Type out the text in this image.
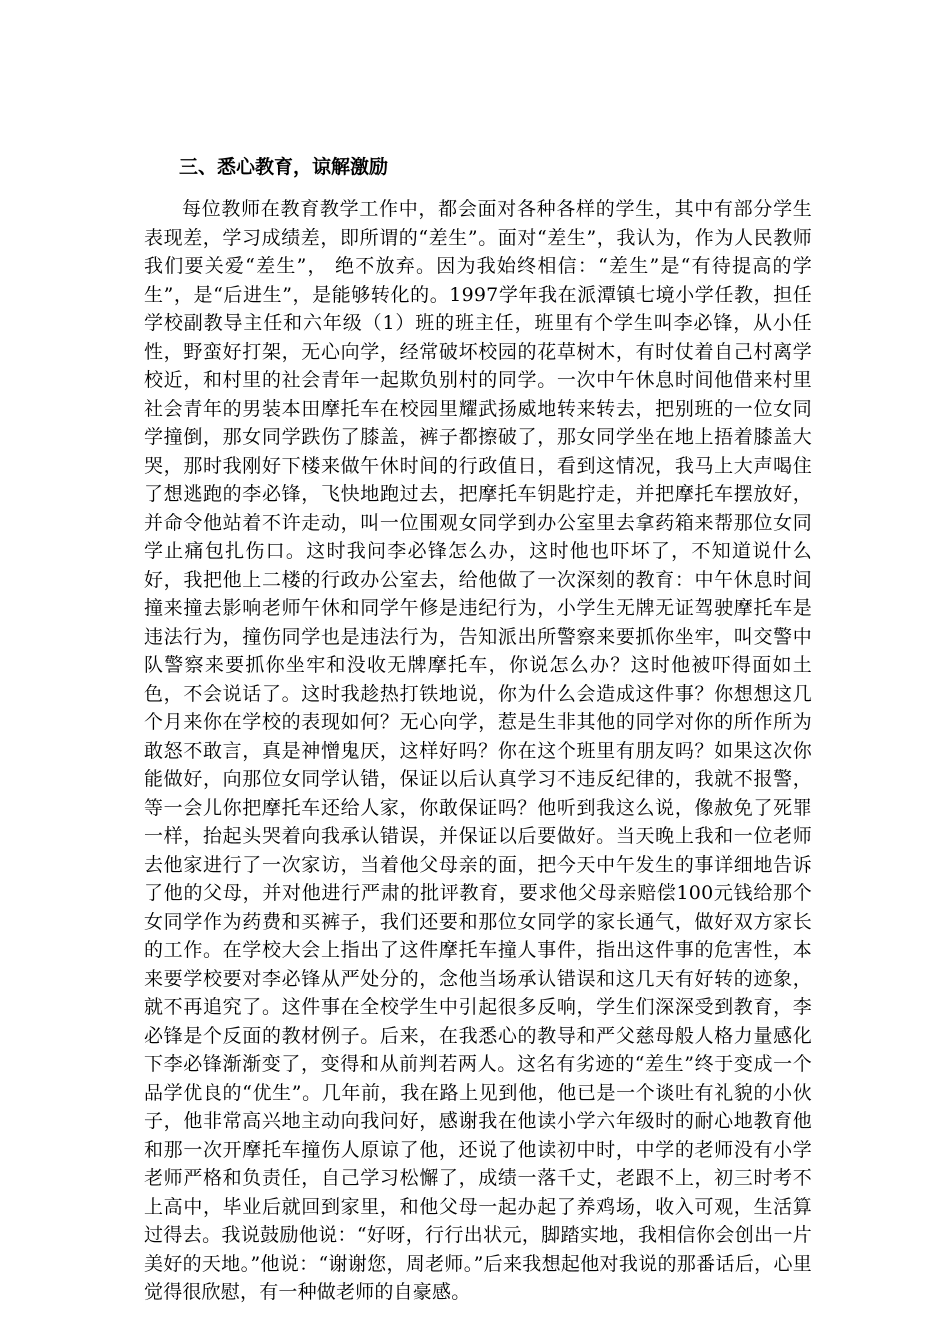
三、悉心教育，谅解激励

每位教师在教育教学工作中，都会面对各种各样的学生，其中有部分学生表现差，学习成绩差，即所谓的“差生”。面对“差生”，我认为，作为人民教师我们要关爱“差生”， 绝不放弃。因为我始终相信：“差生”是“有待提高的学生”，是“后进生”，是能够转化的。1997学年我在派潭镇七境小学任教，担任学校副教导主任和六年级（1）班的班主任，班里有个学生叫李必锋，从小任性，野蛮好打架，无心向学，经常破坏校园的花草树木，有时仗着自己村离学校近，和村里的社会青年一起欺负别村的同学。一次中午休息时间他借来村里社会青年的男装本田摩托车在校园里耀武扬威地转来转去，把别班的一位女同学撞倒，那女同学跌伤了膝盖，裤子都擦破了，那女同学坐在地上捂着膝盖大哭，那时我刚好下楼来做午休时间的行政值日，看到这情况，我马上大声喝住了想逃跑的李必锋，飞快地跑过去，把摩托车钥匙拧走，并把摩托车摆放好，并命令他站着不许走动，叫一位围观女同学到办公室里去拿药箱来帮那位女同学止痛包扎伤口。这时我问李必锋怎么办，这时他也吓坏了，不知道说什么好，我把他上二楼的行政办公室去，给他做了一次深刻的教育：中午休息时间撞来撞去影响老师午休和同学午修是违纪行为，小学生无牌无证驾驶摩托车是违法行为，撞伤同学也是违法行为，告知派出所警察来要抓你坐牢，叫交警中队警察来要抓你坐牢和没收无牌摩托车，你说怎么办？这时他被吓得面如土色，不会说话了。这时我趁热打铁地说，你为什么会造成这件事？你想想这几个月来你在学校的表现如何？无心向学，惹是生非其他的同学对你的所作所为敢怒不敢言，真是神憎鬼厌，这样好吗？你在这个班里有朋友吗？如果这次你能做好，向那位女同学认错，保证以后认真学习不违反纪律的，我就不报警，等一会儿你把摩托车还给人家，你敢保证吗？他听到我这么说，像赦免了死罪一样，抬起头哭着向我承认错误，并保证以后要做好。当天晚上我和一位老师去他家进行了一次家访，当着他父母亲的面，把今天中午发生的事详细地告诉了他的父母，并对他进行严肃的批评教育，要求他父母亲赔偿100元钱给那个女同学作为药费和买裤子，我们还要和那位女同学的家长通气，做好双方家长的工作。在学校大会上指出了这件摩托车撞人事件，指出这件事的危害性，本来要学校要对李必锋从严处分的，念他当场承认错误和这几天有好转的迹象，就不再追究了。这件事在全校学生中引起很多反响，学生们深深受到教育，李必锋是个反面的教材例子。后来，在我悉心的教导和严父慈母般人格力量感化下李必锋渐渐变了，变得和从前判若两人。这名有劣迹的“差生”终于变成一个品学优良的“优生”。几年前，我在路上见到他，他已是一个谈吐有礼貌的小伙子，他非常高兴地主动向我问好，感谢我在他读小学六年级时的耐心地教育他和那一次开摩托车撞伤人原谅了他，还说了他读初中时，中学的老师没有小学老师严格和负责任，自己学习松懈了，成绩一落千丈，老跟不上，初三时考不上高中，毕业后就回到家里，和他父母一起办起了养鸡场，收入可观，生活算过得去。我说鼓励他说：“好呀，行行出状元，脚踏实地，我相信你会创出一片美好的天地。”他说：“谢谢您，周老师。”后来我想起他对我说的那番话后，心里觉得很欣慰，有一种做老师的自豪感。
